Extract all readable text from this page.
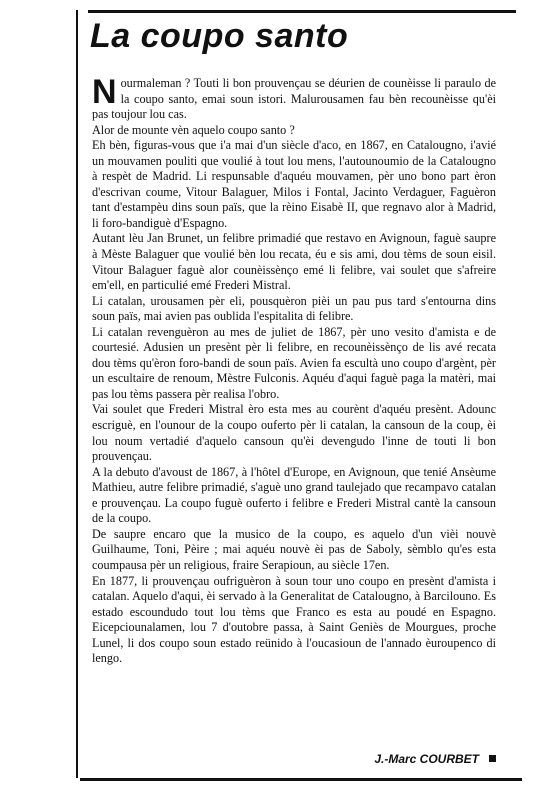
La coupo santo

Nourmaleman ? Touti li bon prouvençau se déurien de counèisse li paraulo de la coupo santo, emai soun istori. Malurousamen fau bèn recounèisse qu'èi pas toujour lou cas.

Alor de mounte vèn aquelo coupo santo ?

Eh bèn, figuras-vous que i'a mai d'un siècle d'aco, en 1867, en Catalougno, i'avié un mouvamen pouliti que voulié à tout lou mens, l'autounoumio de la Catalougno à respèt de Madrid. Li respunsable d'aquéu mouvamen, pèr uno bono part èron d'escrivan coume, Vitour Balaguer, Milos i Fontal, Jacinto Verdaguer, Faguèron tant d'estampèu dins soun païs, que la rèino Eisabè II, que regnavo alor à Madrid, li foro-bandiguè d'Espagno.

Autant lèu Jan Brunet, un felibre primadié que restavo en Avignoun, faguè saupre à Mèste Balaguer que voulié bèn lou recata, éu e sis ami, dou tèms de soun eisil. Vitour Balaguer faguè alor counèissènço emé li felibre, vai soulet que s'afreire em'ell, en particulié emé Frederi Mistral.

Li catalan, urousamen pèr eli, pousquèron pièi un pau pus tard s'entourna dins soun païs, mai avien pas oublida l'espitalita di felibre.

Li catalan revenguèron au mes de juliet de 1867, pèr uno vesito d'amista e de courtesié. Adusien un presènt pèr li felibre, en recounèissènço de lis avé recata dou tèms qu'èron foro-bandi de soun païs. Avien fa escultà uno coupo d'argènt, pèr un escultaire de renoum, Mèstre Fulconis. Aquéu d'aqui faguè paga la matèri, mai pas lou tèms passera pèr realisa l'obro.

Vai soulet que Frederi Mistral èro esta mes au courènt d'aquéu presènt. Adounc escriguè, en l'ounour de la coupo ouferto pèr li catalan, la cansoun de la coup, èi lou noum vertadié d'aquelo cansoun qu'èi devengudo l'inne de touti li bon prouvençau.

A la debuto d'avoust de 1867, à l'hôtel d'Europe, en Avignoun, que tenié Ansèume Mathieu, autre felibre primadié, s'aguè uno grand taulejado que recampavo catalan e prouvençau. La coupo fuguè ouferto i felibre e Frederi Mistral cantè la cansoun de la coupo.

De saupre encaro que la musico de la coupo, es aquelo d'un vièi nouvè Guilhaume, Toni, Pèire ; mai aquéu nouvè èi pas de Saboly, sèmblo qu'es esta coumpausa pèr un religious, fraire Serapioun, au siècle 17en.

En 1877, li prouvençau oufriguèron à soun tour uno coupo en presènt d'amista i catalan. Aquelo d'aqui, èi servado à la Generalitat de Catalougno, à Barcilouno. Es estado escoundudo tout lou tèms que Franco es esta au poudé en Espagno. Eicepciounalamen, lou 7 d'outobre passa, à Saint Geniès de Mourgues, proche Lunel, li dos coupo soun estado reünido à l'oucasioun de l'annado èuroupenco di lengo.

J.-Marc COURBET
